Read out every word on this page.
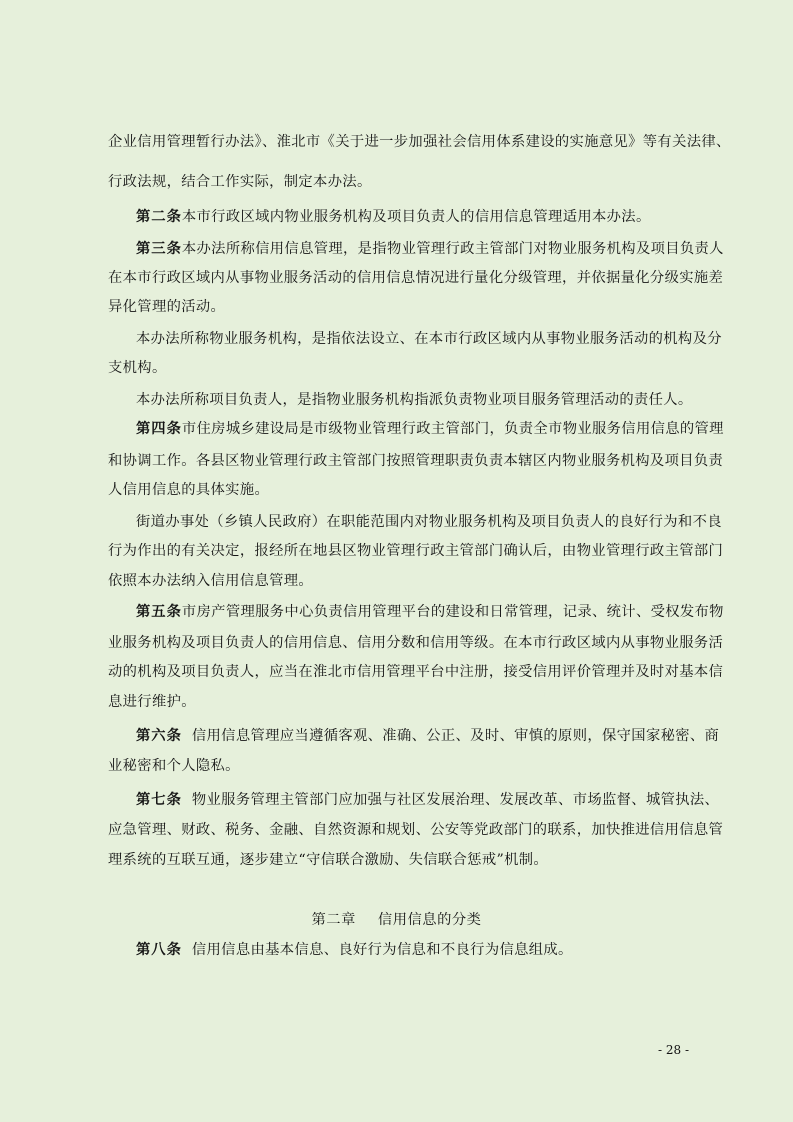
企业信用管理暂行办法》、淮北市《关于进一步加强社会信用体系建设的实施意见》等有关法律、
行政法规，结合工作实际，制定本办法。
第二条本市行政区域内物业服务机构及项目负责人的信用信息管理适用本办法。
第三条本办法所称信用信息管理，是指物业管理行政主管部门对物业服务机构及项目负责人
在本市行政区域内从事物业服务活动的信用信息情况进行量化分级管理，并依据量化分级实施差
异化管理的活动。
本办法所称物业服务机构，是指依法设立、在本市行政区域内从事物业服务活动的机构及分
支机构。
本办法所称项目负责人，是指物业服务机构指派负责物业项目服务管理活动的责任人。
第四条市住房城乡建设局是市级物业管理行政主管部门，负责全市物业服务信用信息的管理
和协调工作。各县区物业管理行政主管部门按照管理职责负责本辖区内物业服务机构及项目负责
人信用信息的具体实施。
街道办事处（乡镇人民政府）在职能范围内对物业服务机构及项目负责人的良好行为和不良
行为作出的有关决定，报经所在地县区物业管理行政主管部门确认后，由物业管理行政主管部门
依照本办法纳入信用信息管理。
第五条市房产管理服务中心负责信用管理平台的建设和日常管理，记录、统计、受权发布物
业服务机构及项目负责人的信用信息、信用分数和信用等级。在本市行政区域内从事物业服务活
动的机构及项目负责人，应当在淮北市信用管理平台中注册，接受信用评价管理并及时对基本信
息进行维护。
第六条 信用信息管理应当遵循客观、准确、公正、及时、审慎的原则，保守国家秘密、商
业秘密和个人隐私。
第七条 物业服务管理主管部门应加强与社区发展治理、发展改革、市场监督、城管执法、
应急管理、财政、税务、金融、自然资源和规划、公安等党政部门的联系，加快推进信用信息管
理系统的互联互通，逐步建立“守信联合激励、失信联合惩戒”机制。
第二章 信用信息的分类
第八条 信用信息由基本信息、良好行为信息和不良行为信息组成。
- 28 -
